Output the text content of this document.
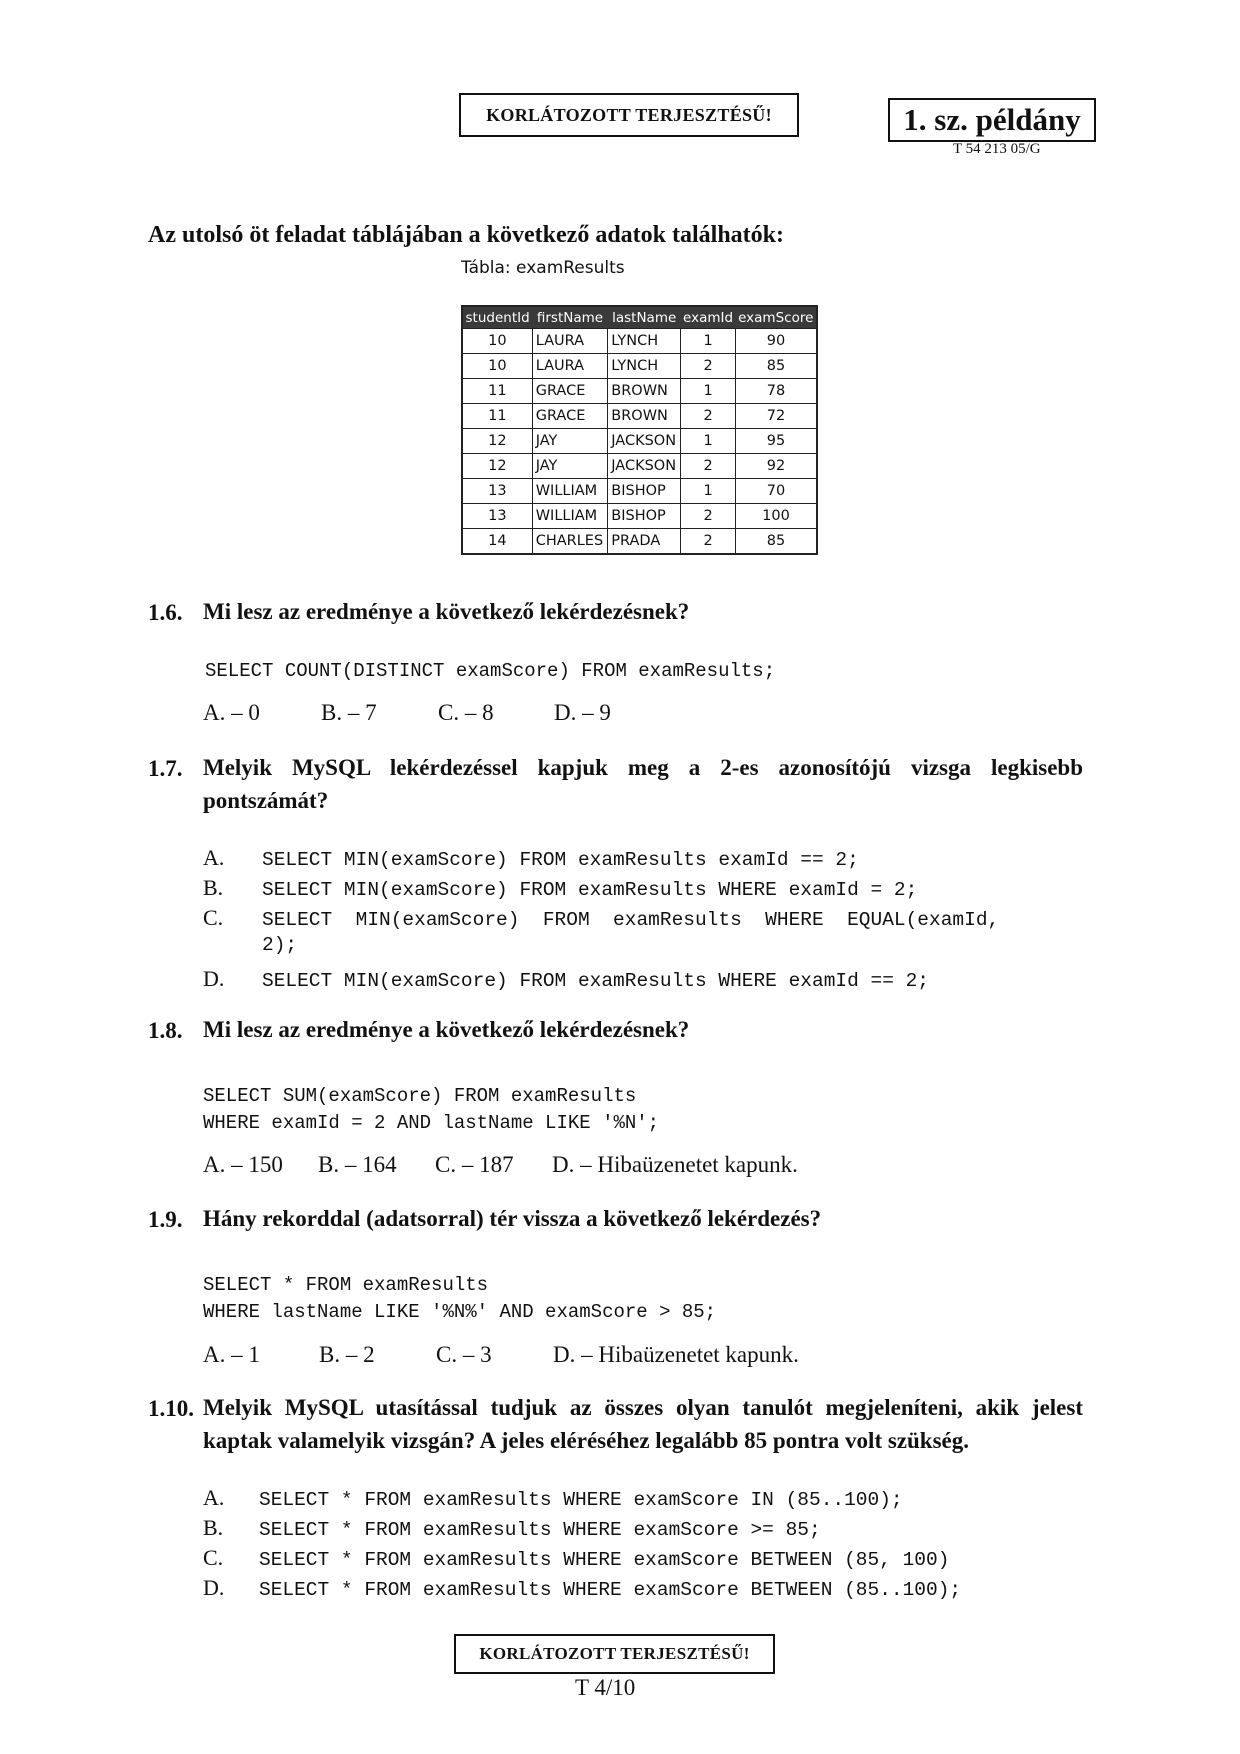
KORLÁTOZOTT TERJESZTÉSŰ!	1. sz. példány
T 54 213 05/G
Az utolsó öt feladat táblájában a következő adatok találhatók:
Tábla: examResults
studentId	firstName	lastName	examId	examScore
10	LAURA	LYNCH	1	90
10	LAURA	LYNCH	2	85
11	GRACE	BROWN	1	78
11	GRACE	BROWN	2	72
12	JAY	JACKSON	1	95
12	JAY	JACKSON	2	92
13	WILLIAM	BISHOP	1	70
13	WILLIAM	BISHOP	2	100
14	CHARLES	PRADA	2	85
1.6. Mi lesz az eredménye a következő lekérdezésnek?
SELECT COUNT(DISTINCT examScore) FROM examResults;
A. – 0	B. – 7	C. – 8	D. – 9
1.7. Melyik MySQL lekérdezéssel kapjuk meg a 2-es azonosítójú vizsga legkisebb
pontszámát?
A. SELECT MIN(examScore) FROM examResults examId == 2;
B. SELECT MIN(examScore) FROM examResults WHERE examId = 2;
C. SELECT  MIN(examScore)  FROM  examResults  WHERE  EQUAL(examId,
2);
D. SELECT MIN(examScore) FROM examResults WHERE examId == 2;
1.8. Mi lesz az eredménye a következő lekérdezésnek?
SELECT SUM(examScore) FROM examResults
WHERE examId = 2 AND lastName LIKE '%N';
A. – 150	B. – 164	C. – 187	D. – Hibaüzenetet kapunk.
1.9. Hány rekorddal (adatsorral) tér vissza a következő lekérdezés?
SELECT * FROM examResults
WHERE lastName LIKE '%N%' AND examScore > 85;
A. – 1	B. – 2	C. – 3	D. – Hibaüzenetet kapunk.
1.10. Melyik MySQL utasítással tudjuk az összes olyan tanulót megjeleníteni, akik jelest
kaptak valamelyik vizsgán? A jeles eléréséhez legalább 85 pontra volt szükség.
A. SELECT * FROM examResults WHERE examScore IN (85..100);
B. SELECT * FROM examResults WHERE examScore >= 85;
C. SELECT * FROM examResults WHERE examScore BETWEEN (85, 100)
D. SELECT * FROM examResults WHERE examScore BETWEEN (85..100);
KORLÁTOZOTT TERJESZTÉSŰ!
T 4/10
